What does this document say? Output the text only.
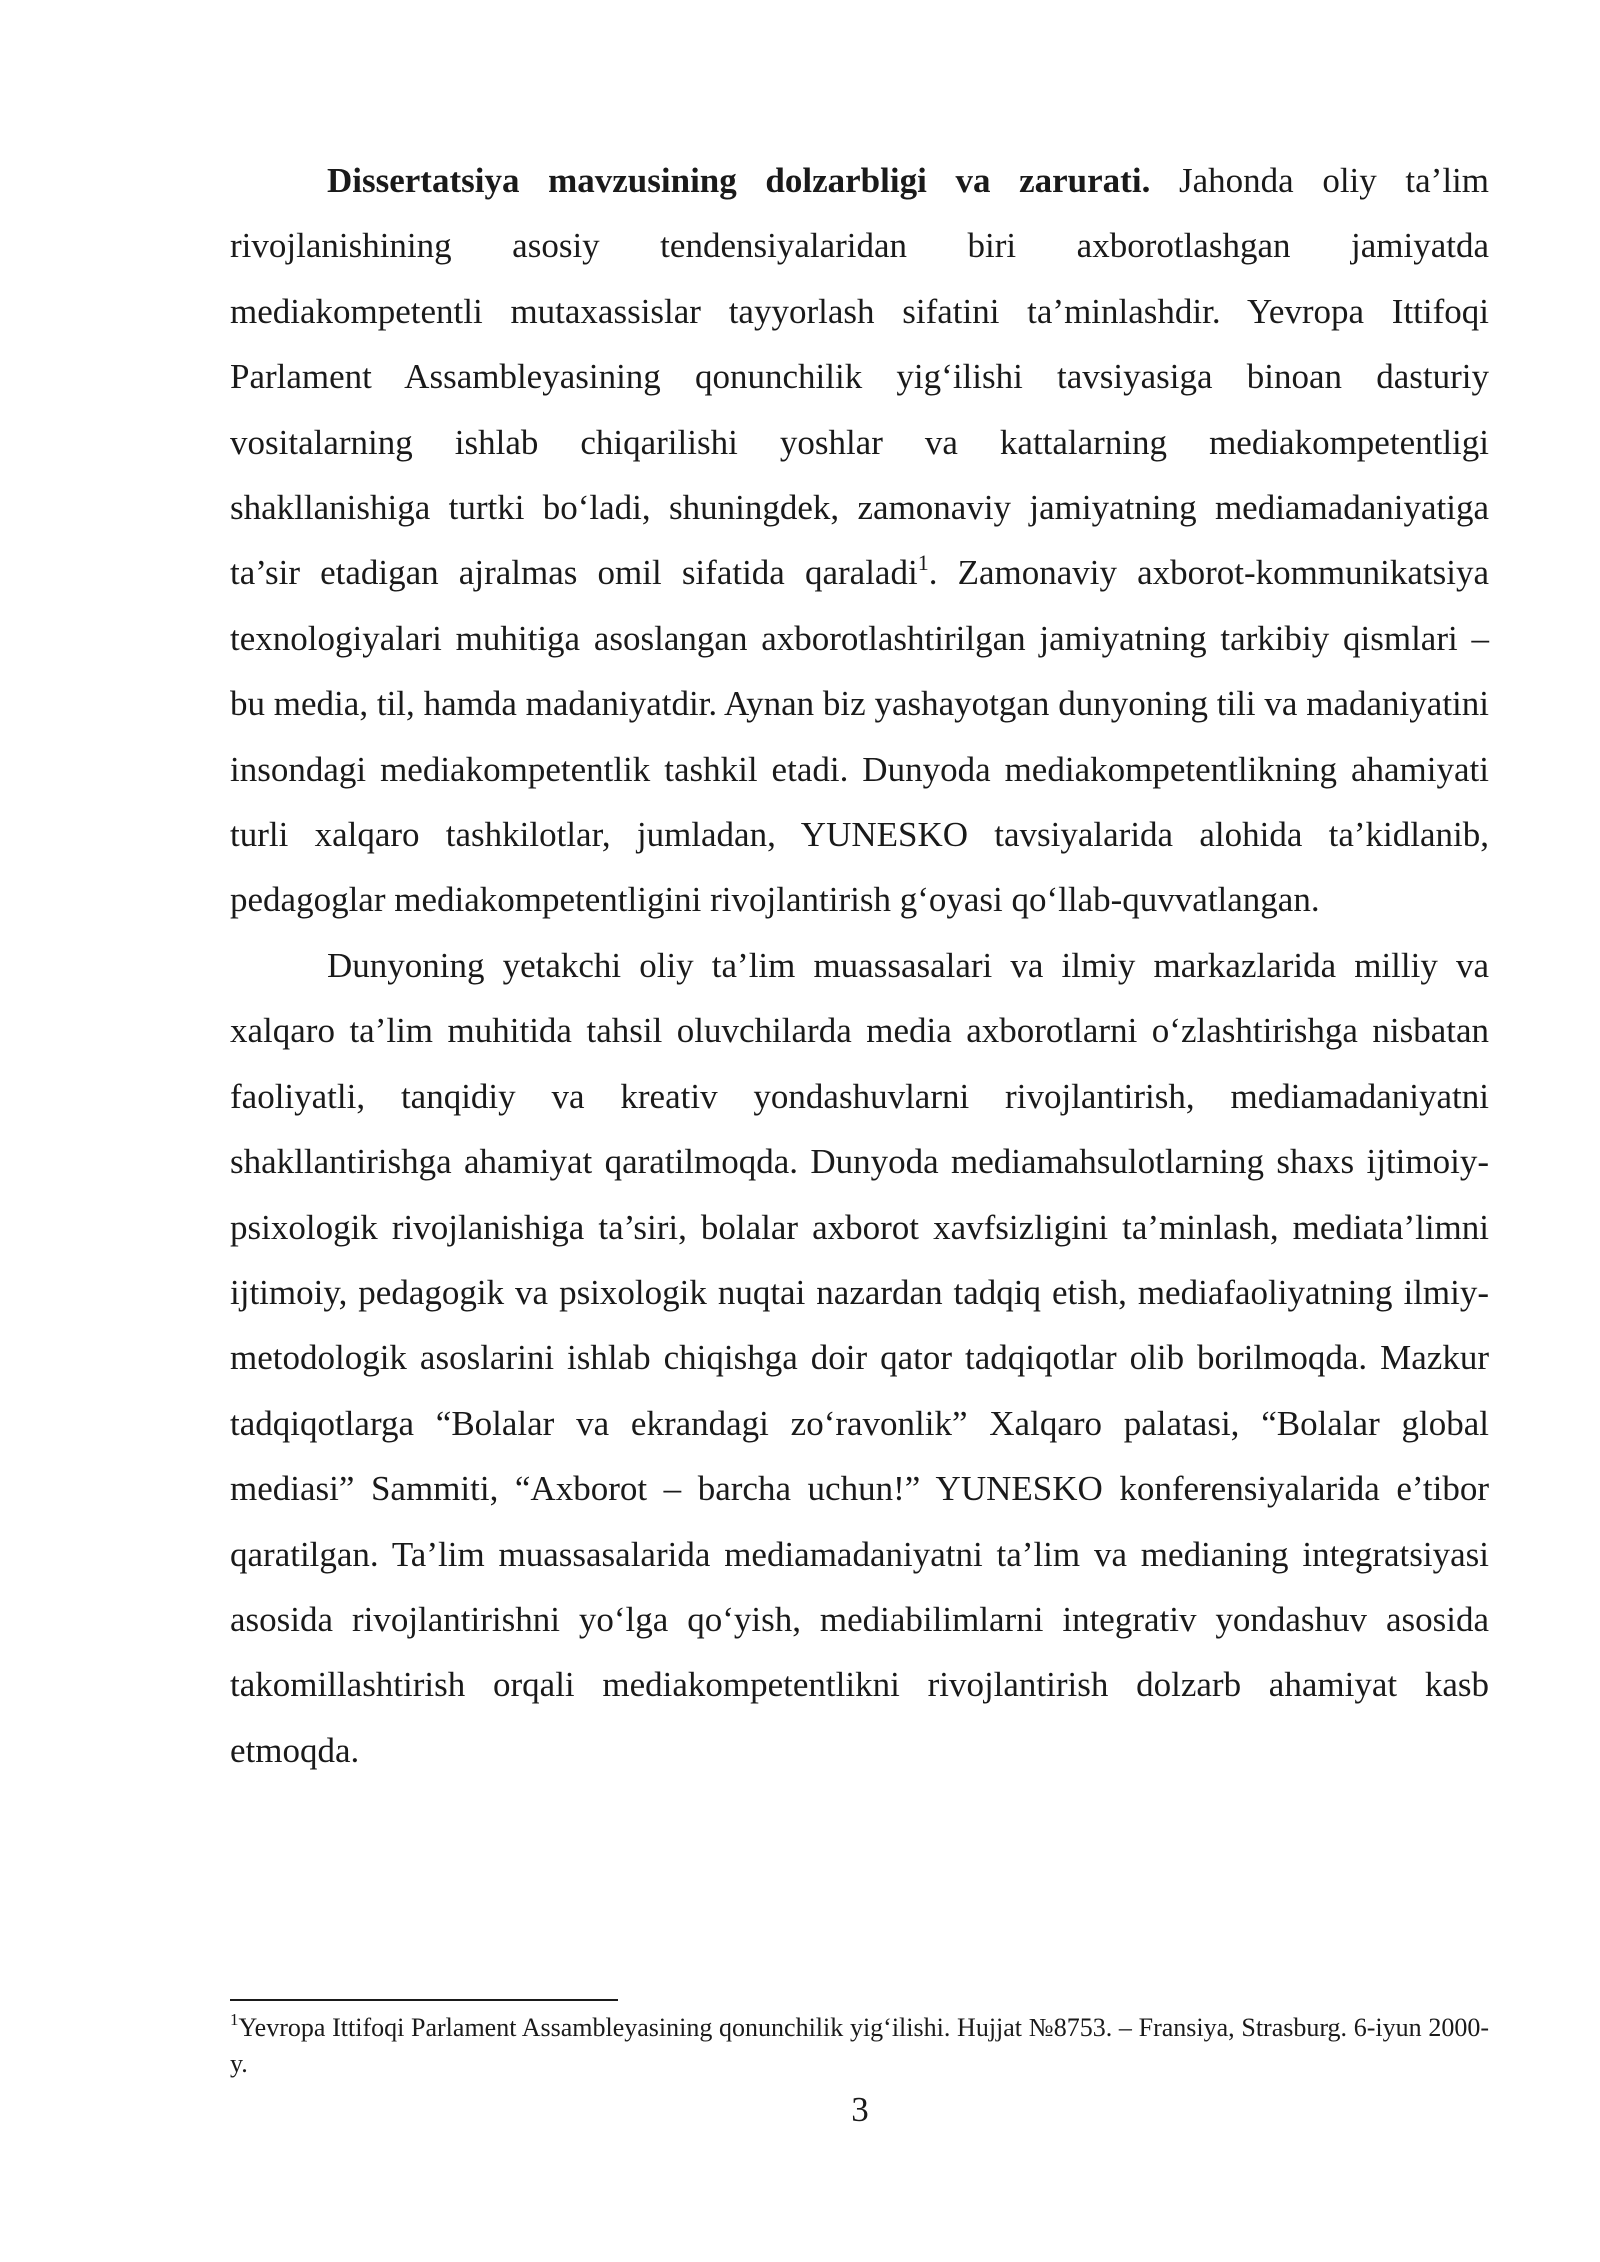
Dissertatsiya mavzusining dolzarbligi va zarurati. Jahonda oliy ta’lim rivojlanishining asosiy tendensiyalaridan biri axborotlashgan jamiyatda mediakompetentli mutaxassislar tayyorlash sifatini ta’minlashdir. Yevropa Ittifoqi Parlament Assambleyasining qonunchilik yig‘ilishi tavsiyasiga binoan dasturiy vositalarning ishlab chiqarilishi yoshlar va kattalarning mediakompetentligi shakllanishiga turtki bo‘ladi, shuningdek, zamonaviy jamiyatning mediamadaniyatiga ta’sir etadigan ajralmas omil sifatida qaraladi$^1$. Zamonaviy axborot-kommunikatsiya texnologiyalari muhitiga asoslangan axborotlashtirilgan jamiyatning tarkibiy qismlari – bu media, til, hamda madaniyatdir. Aynan biz yashayotgan dunyoning tili va madaniyatini insondagi mediakompetentlik tashkil etadi. Dunyoda mediakompetentlikning ahamiyati turli xalqaro tashkilotlar, jumladan, YUNESKO tavsiyalarida alohida ta’kidlanib, pedagoglar mediakompetentligini rivojlantirish g‘oyasi qo‘llab-quvvatlangan.

Dunyoning yetakchi oliy ta’lim muassasalari va ilmiy markazlarida milliy va xalqaro ta’lim muhitida tahsil oluvchilarda media axborotlarni o‘zlashtirishga nisbatan faoliyatli, tanqidiy va kreativ yondashuvlarni rivojlantirish, mediamadaniyatni shakllantirishga ahamiyat qaratilmoqda. Dunyoda mediamahsulotlarning shaxs ijtimoiy-psixologik rivojlanishiga ta’siri, bolalar axborot xavfsizligini ta’minlash, mediata’limni ijtimoiy, pedagogik va psixologik nuqtai nazardan tadqiq etish, mediafaoliyatning ilmiy-metodologik asoslarini ishlab chiqishga doir qator tadqiqotlar olib borilmoqda. Mazkur tadqiqotlarga “Bolalar va ekrandagi zo‘ravonlik” Xalqaro palatasi, “Bolalar global mediasi” Sammiti, “Axborot – barcha uchun!” YUNESKO konferensiyalarida e’tibor qaratilgan. Ta’lim muassasalarida mediamadaniyatni ta’lim va medianing integratsiyasi asosida rivojlantirishni yo‘lga qo‘yish, mediabilimlarni integrativ yondashuv asosida takomillashtirish orqali mediakompetentlikni rivojlantirish dolzarb ahamiyat kasb etmoqda.

$^1$Yevropa Ittifoqi Parlament Assambleyasining qonunchilik yig‘ilishi. Hujjat №8753. – Fransiya, Strasburg. 6-iyun 2000-y.
3
